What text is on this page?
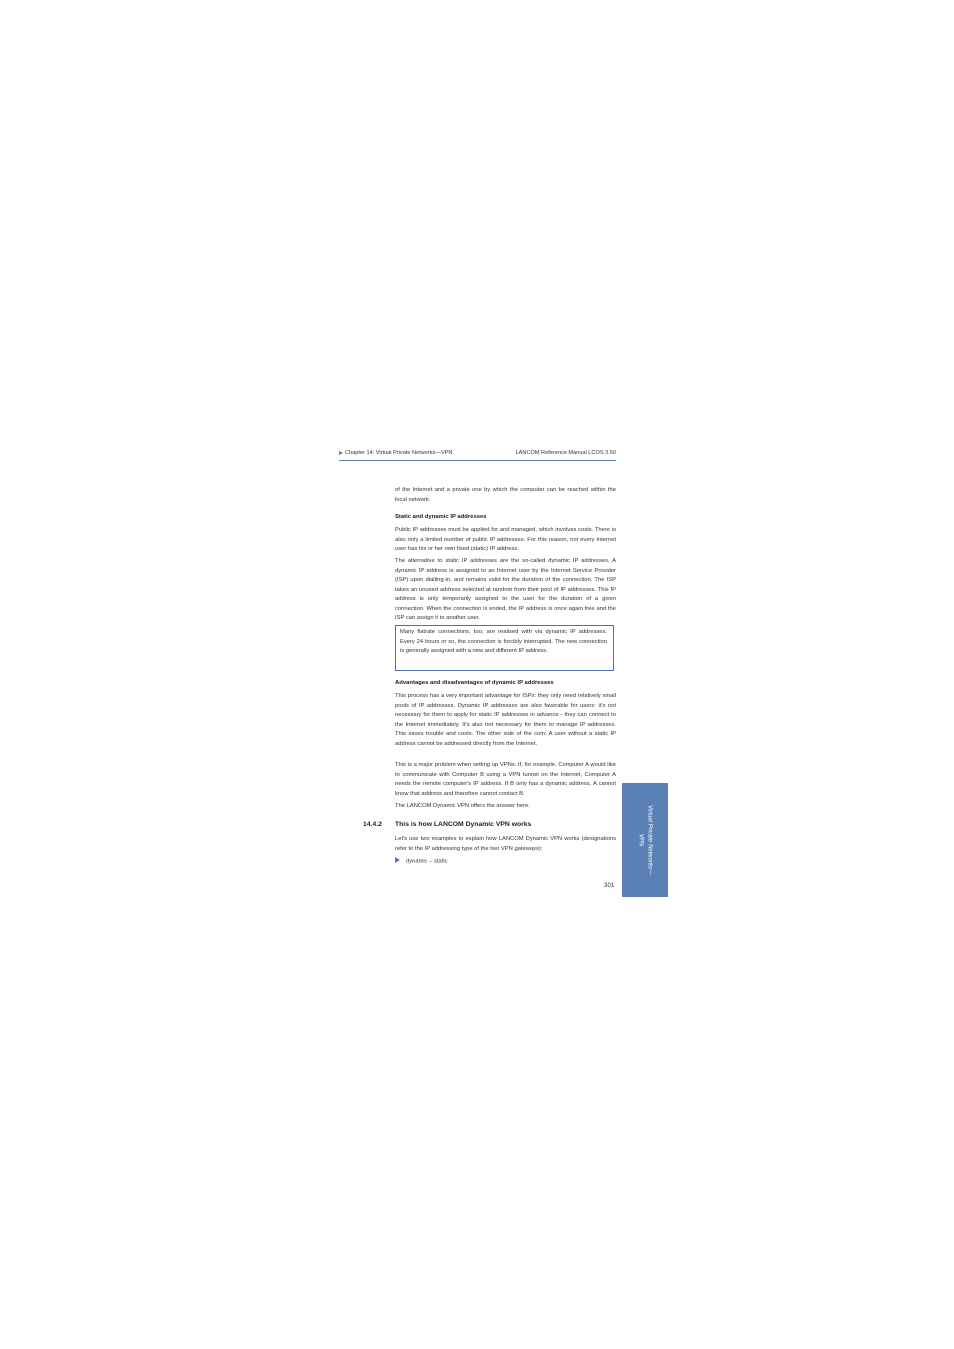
Chapter 14: Virtual Private Networks—VPN	LANCOM Reference Manual LCOS 3.50

of the Internet and a private one by which the computer can be reached within the local network.

Static and dynamic IP addresses

Public IP addresses must be applied for and managed, which involves costs. There is also only a limited number of public IP addresses. For this reason, not every Internet user has his or her own fixed (static) IP address.

The alternative to static IP addresses are the so-called dynamic IP addresses. A dynamic IP address is assigned to an Internet user by the Internet Service Provider (ISP) upon dialling-in, and remains valid for the duration of the connection. The ISP takes an unused address selected at random from their pool of IP addresses. This IP address is only temporarily assigned to the user for the duration of a given connection. When the connection is ended, the IP address is once again free and the ISP can assign it to another user.

Many flatrate connections, too, are realised with via dynamic IP addresses. Every 24 hours or so, the connection is forcibly interrupted. The new connection is generally assigned with a new and different IP address.

Advantages and disadvantages of dynamic IP addresses

This process has a very important advantage for ISPs: they only need relatively small pools of IP addresses. Dynamic IP addresses are also favorable for users: it's not necessary for them to apply for static IP addresses in advance - they can connect to the Internet immediately. It's also not necessary for them to manage IP addresses. This saves trouble and costs. The other side of the coin: A user without a static IP address cannot be addressed directly from the Internet.

This is a major problem when setting up VPNs. If, for example, Computer A would like to communicate with Computer B using a VPN tunnel on the Internet, Computer A needs the remote computer's IP address. If B only has a dynamic address, A cannot know that address and therefore cannot contact B.

The LANCOM Dynamic VPN offers the answer here.

14.4.2 This is how LANCOM Dynamic VPN works

Let's use two examples to explain how LANCOM Dynamic VPN works (designations refer to the IP addressing type of the two VPN gateways):

dynamic – static
301
Virtual Private Networks—
VPN
